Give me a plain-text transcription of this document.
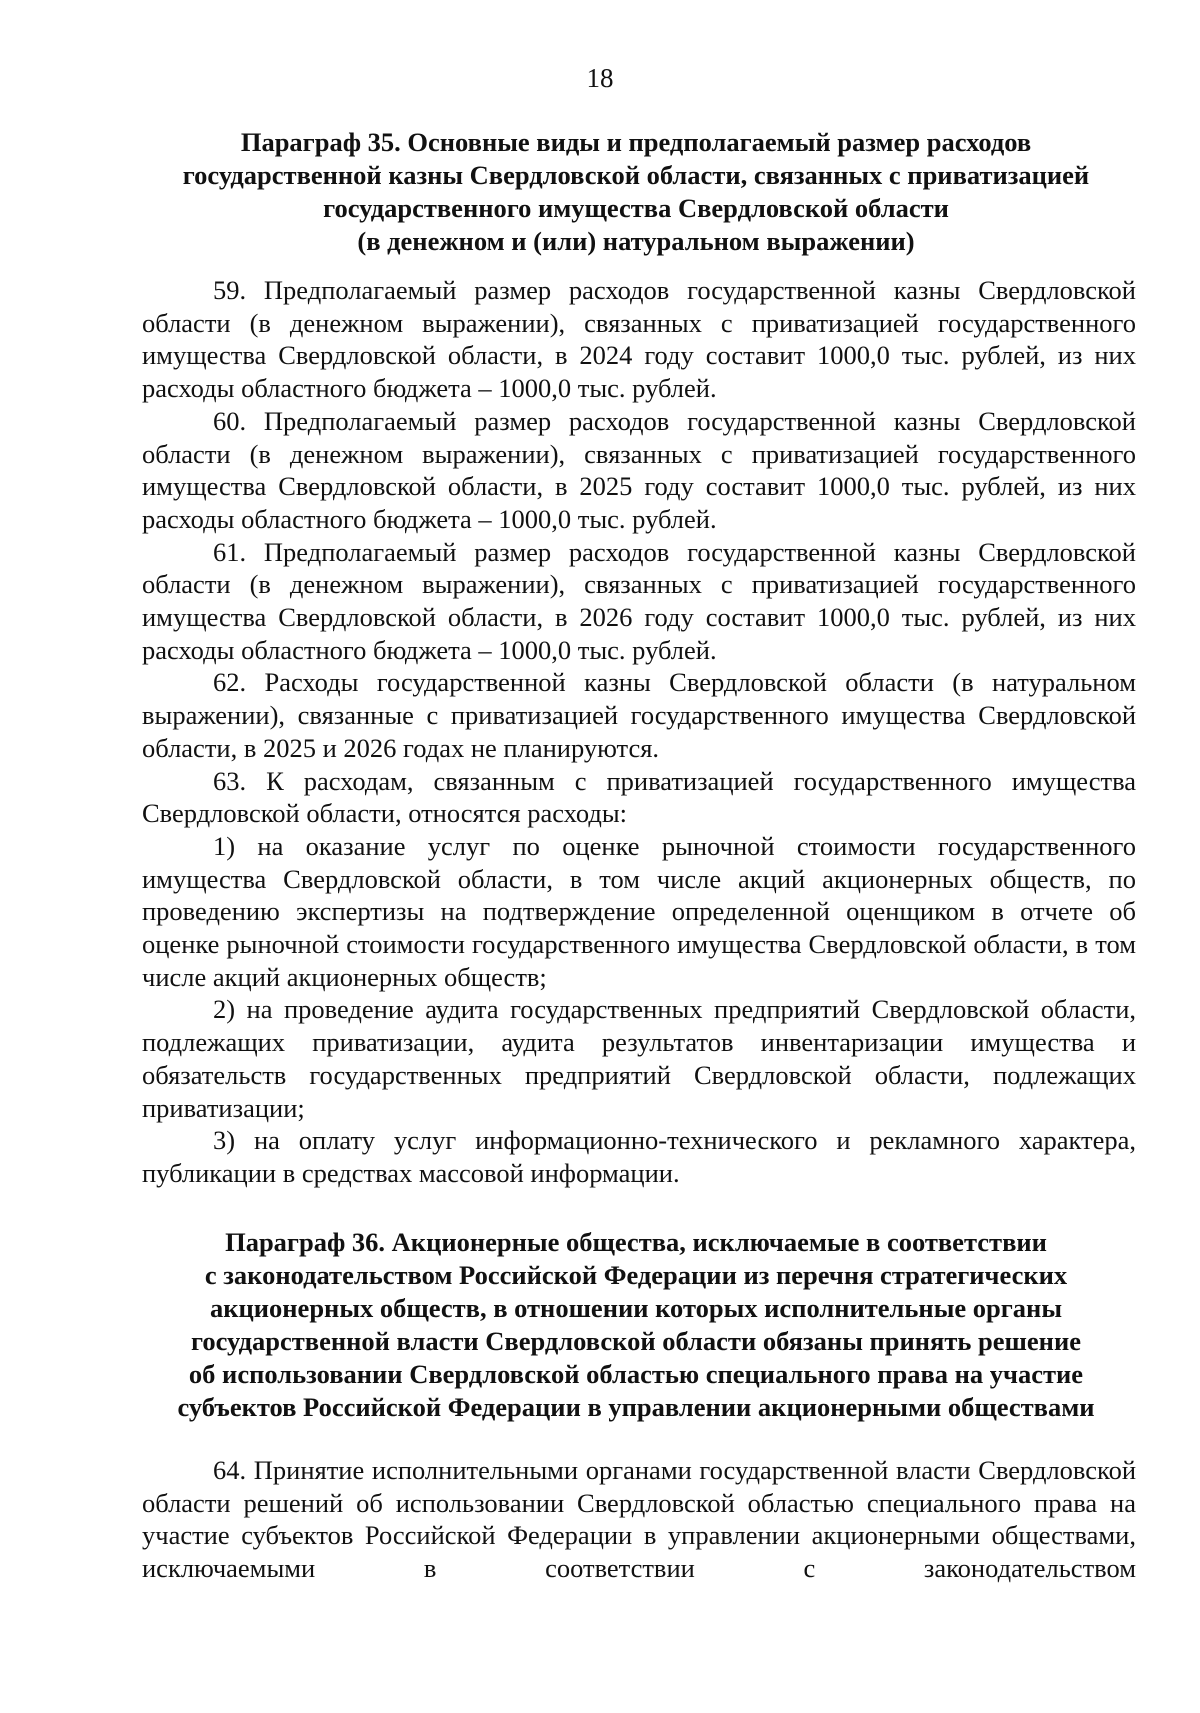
18
Параграф 35. Основные виды и предполагаемый размер расходов
государственной казны Свердловской области, связанных с приватизацией
государственного имущества Свердловской области
(в денежном и (или) натуральном выражении)

59. Предполагаемый размер расходов государственной казны Свердловской области (в денежном выражении), связанных с приватизацией государственного имущества Свердловской области, в 2024 году составит 1000,0 тыс. рублей, из них расходы областного бюджета – 1000,0 тыс. рублей.

60. Предполагаемый размер расходов государственной казны Свердловской области (в денежном выражении), связанных с приватизацией государственного имущества Свердловской области, в 2025 году составит 1000,0 тыс. рублей, из них расходы областного бюджета – 1000,0 тыс. рублей.

61. Предполагаемый размер расходов государственной казны Свердловской области (в денежном выражении), связанных с приватизацией государственного имущества Свердловской области, в 2026 году составит 1000,0 тыс. рублей, из них расходы областного бюджета – 1000,0 тыс. рублей.

62. Расходы государственной казны Свердловской области (в натуральном выражении), связанные с приватизацией государственного имущества Свердловской области, в 2025 и 2026 годах не планируются.

63. К расходам, связанным с приватизацией государственного имущества Свердловской области, относятся расходы:

1) на оказание услуг по оценке рыночной стоимости государственного имущества Свердловской области, в том числе акций акционерных обществ, по проведению экспертизы на подтверждение определенной оценщиком в отчете об оценке рыночной стоимости государственного имущества Свердловской области, в том числе акций акционерных обществ;

2) на проведение аудита государственных предприятий Свердловской области, подлежащих приватизации, аудита результатов инвентаризации имущества и обязательств государственных предприятий Свердловской области, подлежащих приватизации;

3) на оплату услуг информационно-технического и рекламного характера, публикации в средствах массовой информации.

Параграф 36. Акционерные общества, исключаемые в соответствии
с законодательством Российской Федерации из перечня стратегических
акционерных обществ, в отношении которых исполнительные органы
государственной власти Свердловской области обязаны принять решение
об использовании Свердловской областью специального права на участие
субъектов Российской Федерации в управлении акционерными обществами

64. Принятие исполнительными органами государственной власти Свердловской области решений об использовании Свердловской областью специального права на участие субъектов Российской Федерации в управлении акционерными обществами, исключаемыми в соответствии с законодательством
